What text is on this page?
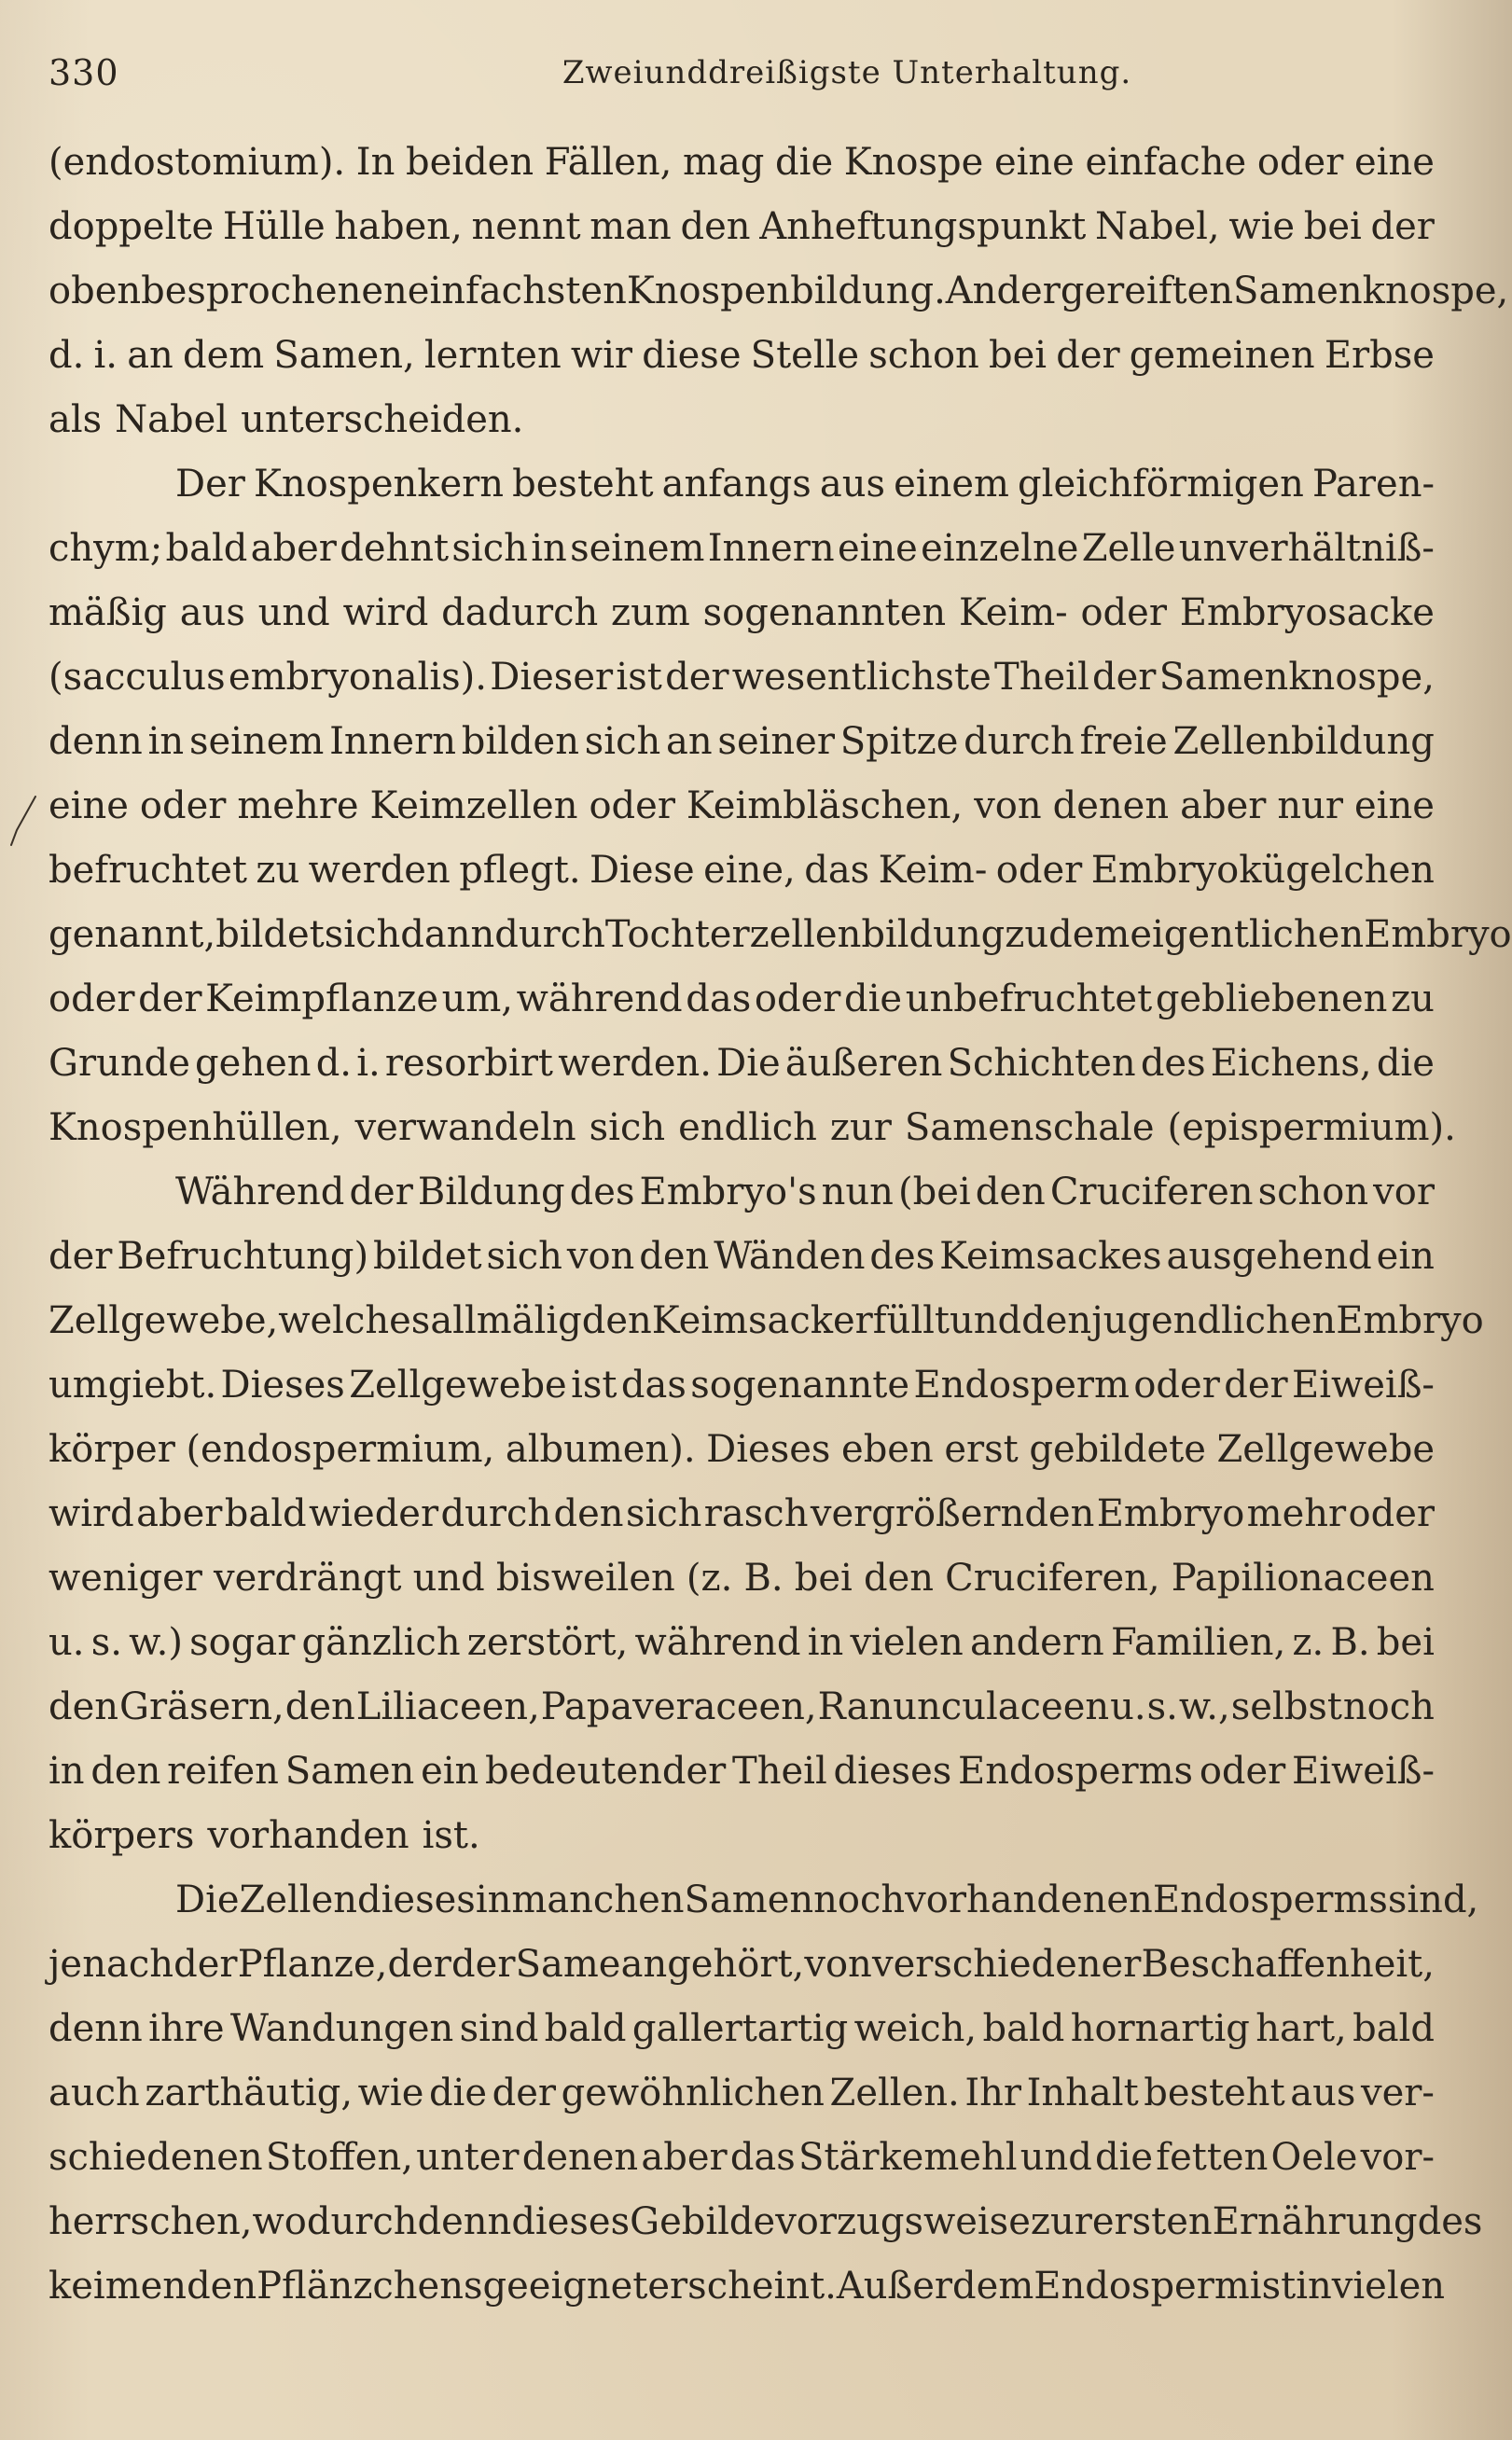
330	Zweiunddreißigste Unterhaltung.
(endostomium). In beiden Fällen, mag die Knospe eine einfache oder eine
doppelte Hülle haben, nennt man den Anheftungspunkt Nabel, wie bei der
oben besprochenen einfachsten Knospenbildung. An der gereiften Samenknospe,
d. i. an dem Samen, lernten wir diese Stelle schon bei der gemeinen Erbse
als Nabel unterscheiden.
Der Knospenkern besteht anfangs aus einem gleichförmigen Paren-
chym; bald aber dehnt sich in seinem Innern eine einzelne Zelle unverhältniß-
mäßig aus und wird dadurch zum sogenannten Keim- oder Embryosacke
(sacculus embryonalis). Dieser ist der wesentlichste Theil der Samenknospe,
denn in seinem Innern bilden sich an seiner Spitze durch freie Zellenbildung
eine oder mehre Keimzellen oder Keimbläschen, von denen aber nur eine
befruchtet zu werden pflegt. Diese eine, das Keim- oder Embryokügelchen
genannt, bildet sich dann durch Tochterzellenbildung zu dem eigentlichen Embryo
oder der Keimpflanze um, während das oder die unbefruchtet gebliebenen zu
Grunde gehen d. i. resorbirt werden. Die äußeren Schichten des Eichens, die
Knospenhüllen, verwandeln sich endlich zur Samenschale (epispermium).
Während der Bildung des Embryo's nun (bei den Cruciferen schon vor
der Befruchtung) bildet sich von den Wänden des Keimsackes ausgehend ein
Zellgewebe, welches allmälig den Keimsack erfüllt und den jugendlichen Embryo
umgiebt. Dieses Zellgewebe ist das sogenannte Endosperm oder der Eiweiß-
körper (endospermium, albumen). Dieses eben erst gebildete Zellgewebe
wird aber bald wieder durch den sich rasch vergrößernden Embryo mehr oder
weniger verdrängt und bisweilen (z. B. bei den Cruciferen, Papilionaceen
u. s. w.) sogar gänzlich zerstört, während in vielen andern Familien, z. B. bei
den Gräsern, den Liliaceen, Papaveraceen, Ranunculaceen u. s. w., selbst noch
in den reifen Samen ein bedeutender Theil dieses Endosperms oder Eiweiß-
körpers vorhanden ist.
Die Zellen dieses in manchen Samen noch vorhandenen Endosperms sind,
je nach der Pflanze, der der Same angehört, von verschiedener Beschaffenheit,
denn ihre Wandungen sind bald gallertartig weich, bald hornartig hart, bald
auch zarthäutig, wie die der gewöhnlichen Zellen. Ihr Inhalt besteht aus ver-
schiedenen Stoffen, unter denen aber das Stärkemehl und die fetten Oele vor-
herrschen, wodurch denn dieses Gebilde vorzugsweise zur ersten Ernährung des
keimenden Pflänzchens geeignet erscheint. Außer dem Endosperm ist in vielen
